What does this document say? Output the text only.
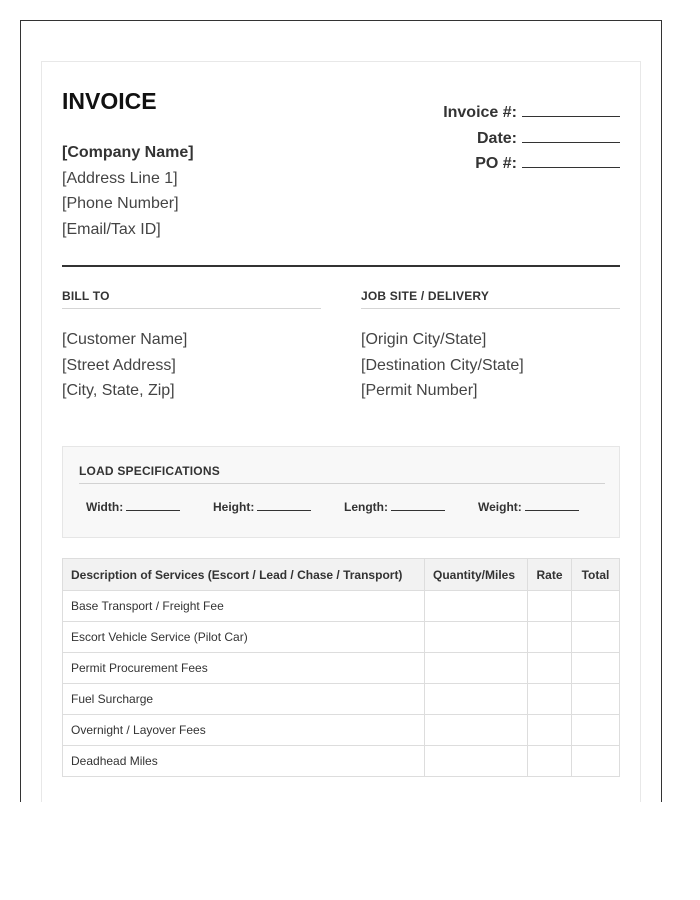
INVOICE
[Company Name]
[Address Line 1]
[Phone Number]
[Email/Tax ID]
Invoice #:
Date:
PO #:
BILL TO
[Customer Name]
[Street Address]
[City, State, Zip]
JOB SITE / DELIVERY
[Origin City/State]
[Destination City/State]
[Permit Number]
LOAD SPECIFICATIONS
Width:	Height:	Length:	Weight:
Description of Services (Escort / Lead / Chase / Transport)	Quantity/Miles	Rate	Total
Base Transport / Freight Fee			
Escort Vehicle Service (Pilot Car)			
Permit Procurement Fees			
Fuel Surcharge			
Overnight / Layover Fees			
Deadhead Miles			
